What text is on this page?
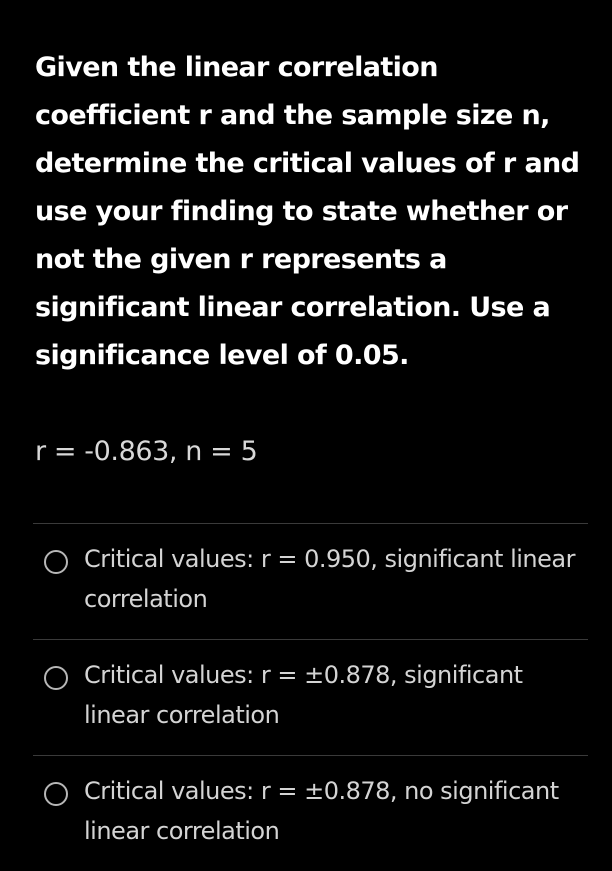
Given the linear correlation coefficient r and the sample size n, determine the critical values of r and use your finding to state whether or not the given r represents a significant linear correlation. Use a significance level of 0.05.

r = -0.863, n = 5

Critical values: r = 0.950, significant linear correlation

Critical values: r = ±0.878, significant linear correlation

Critical values: r = ±0.878, no significant linear correlation
